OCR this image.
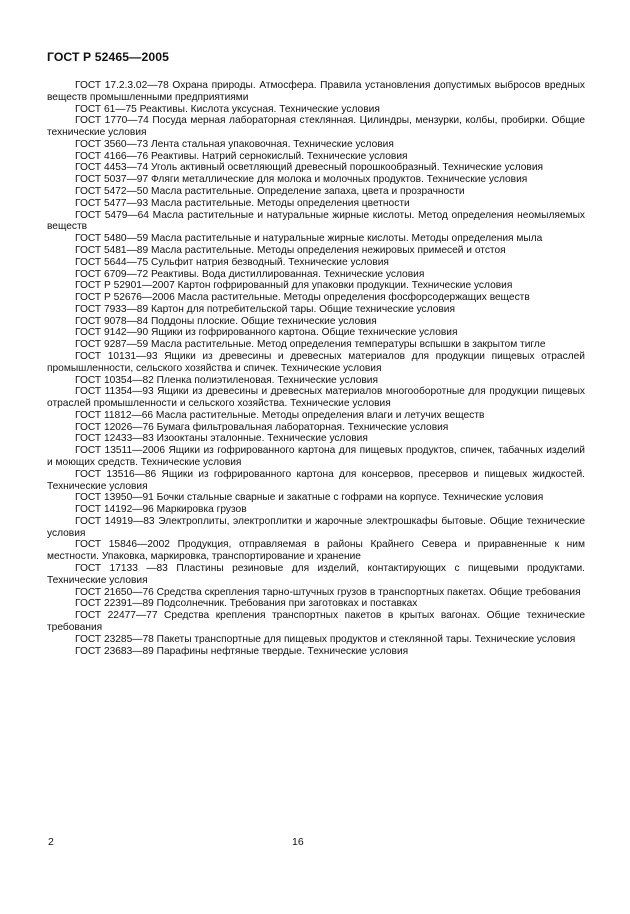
ГОСТ Р 52465—2005

ГОСТ 17.2.3.02—78 Охрана природы. Атмосфера. Правила установления допустимых выбросов вредных веществ промышленными предприятиями

ГОСТ 61—75 Реактивы. Кислота уксусная. Технические условия

ГОСТ 1770—74 Посуда мерная лабораторная стеклянная. Цилиндры, мензурки, колбы, пробирки. Общие технические условия

ГОСТ 3560—73 Лента стальная упаковочная. Технические условия

ГОСТ 4166—76 Реактивы. Натрий сернокислый. Технические условия

ГОСТ 4453—74 Уголь активный осветляющий древесный порошкообразный. Технические условия

ГОСТ 5037—97 Фляги металлические для молока и молочных продуктов. Технические условия

ГОСТ 5472—50 Масла растительные. Определение запаха, цвета и прозрачности

ГОСТ 5477—93 Масла растительные. Методы определения цветности

ГОСТ 5479—64 Масла растительные и натуральные жирные кислоты. Метод определения неомыляемых веществ

ГОСТ 5480—59 Масла растительные и натуральные жирные кислоты. Методы определения мыла

ГОСТ 5481—89 Масла растительные. Методы определения нежировых примесей и отстоя

ГОСТ 5644—75 Сульфит натрия безводный. Технические условия

ГОСТ 6709—72 Реактивы. Вода дистиллированная. Технические условия

ГОСТ Р 52901—2007 Картон гофрированный для упаковки продукции. Технические условия

ГОСТ Р 52676—2006 Масла растительные. Методы определения фосфорсодержащих веществ

ГОСТ 7933—89 Картон для потребительской тары. Общие технические условия

ГОСТ 9078—84 Поддоны плоские. Общие технические условия

ГОСТ 9142—90 Ящики из гофрированного картона. Общие технические условия

ГОСТ 9287—59 Масла растительные. Метод определения температуры вспышки в закрытом тигле

ГОСТ 10131—93 Ящики из древесины и древесных материалов для продукции пищевых отраслей промышленности, сельского хозяйства и спичек. Технические условия

ГОСТ 10354—82 Пленка полиэтиленовая. Технические условия

ГОСТ 11354—93 Ящики из древесины и древесных материалов многооборотные для продукции пищевых отраслей промышленности и сельского хозяйства. Технические условия

ГОСТ 11812—66 Масла растительные. Методы определения влаги и летучих веществ

ГОСТ 12026—76 Бумага фильтровальная лабораторная. Технические условия

ГОСТ 12433—83 Изооктаны эталонные. Технические условия

ГОСТ 13511—2006 Ящики из гофрированного картона для пищевых продуктов, спичек, табачных изделий и моющих средств. Технические условия

ГОСТ 13516—86 Ящики из гофрированного картона для консервов, пресервов и пищевых жидкостей. Технические условия

ГОСТ 13950—91 Бочки стальные сварные и закатные с гофрами на корпусе. Технические условия

ГОСТ 14192—96 Маркировка грузов

ГОСТ 14919—83 Электроплиты, электроплитки и жарочные электрошкафы бытовые. Общие технические условия

ГОСТ 15846—2002 Продукция, отправляемая в районы Крайнего Севера и приравненные к ним местности. Упаковка, маркировка, транспортирование и хранение

ГОСТ 17133 —83 Пластины резиновые для изделий, контактирующих с пищевыми продуктами. Технические условия

ГОСТ 21650—76 Средства скрепления тарно-штучных грузов в транспортных пакетах. Общие требования

ГОСТ 22391—89 Подсолнечник. Требования при заготовках и поставках

ГОСТ 22477—77 Средства крепления транспортных пакетов в крытых вагонах. Общие технические требования

ГОСТ 23285—78 Пакеты транспортные для пищевых продуктов и стеклянной тары. Технические условия

ГОСТ 23683—89 Парафины нефтяные твердые. Технические условия

2	16
